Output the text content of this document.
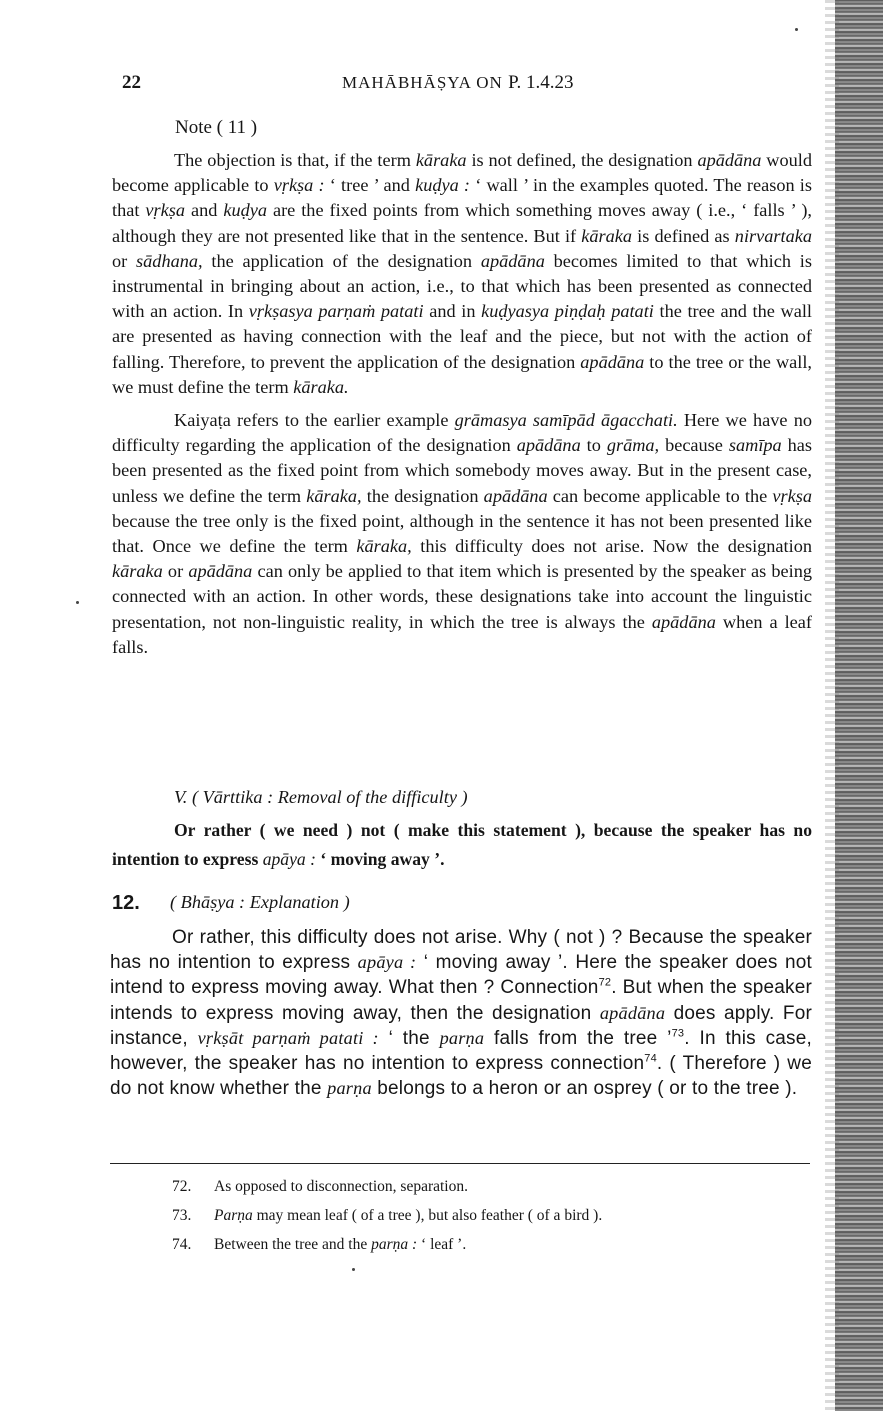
22	MAHĀBHĀṢYA ON P. 1.4.23
Note ( 11 )

The objection is that, if the term kāraka is not defined, the designation apādāna would become applicable to vṛkṣa : ‘ tree ’ and kuḍya : ‘ wall ’ in the examples quoted. The reason is that vṛkṣa and kuḍya are the fixed points from which something moves away ( i.e., ‘ falls ’ ), although they are not presented like that in the sentence. But if kāraka is defined as nirvartaka or sādhana, the application of the designation apādāna becomes limited to that which is instrumental in bringing about an action, i.e., to that which has been presented as connected with an action. In vṛkṣasya parṇaṁ patati and in kuḍyasya piṇḍaḥ patati the tree and the wall are presented as having connection with the leaf and the piece, but not with the action of falling. Therefore, to prevent the application of the designation apādāna to the tree or the wall, we must define the term kāraka.

Kaiyaṭa refers to the earlier example grāmasya samīpād āgacchati. Here we have no difficulty regarding the application of the designation apādāna to grāma, because samīpa has been presented as the fixed point from which somebody moves away. But in the present case, unless we define the term kāraka, the designation apādāna can become applicable to the vṛkṣa because the tree only is the fixed point, although in the sentence it has not been presented like that. Once we define the term kāraka, this difficulty does not arise. Now the designation kāraka or apādāna can only be applied to that item which is presented by the speaker as being connected with an action. In other words, these designations take into account the linguistic presentation, not non-linguistic reality, in which the tree is always the apādāna when a leaf falls.

V. ( Vārttika : Removal of the difficulty )

Or rather ( we need ) not ( make this statement ), because the speaker has no intention to express apāya : ‘ moving away ’.

12. ( Bhāṣya : Explanation )

Or rather, this difficulty does not arise. Why ( not ) ? Because the speaker has no intention to express apāya : ‘ moving away ’. Here the speaker does not intend to express moving away. What then ? Connection$^{72}$. But when the speaker intends to express moving away, then the designation apādāna does apply. For instance, vṛkṣāt parṇaṁ patati : ‘ the parṇa falls from the tree ’$^{73}$. In this case, however, the speaker has no intention to express connection$^{74}$. ( Therefore ) we do not know whether the parṇa belongs to a heron or an osprey ( or to the tree ).

72. As opposed to disconnection, separation.
73. Parṇa may mean leaf ( of a tree ), but also feather ( of a bird ).
74. Between the tree and the parṇa : ‘ leaf ’.
